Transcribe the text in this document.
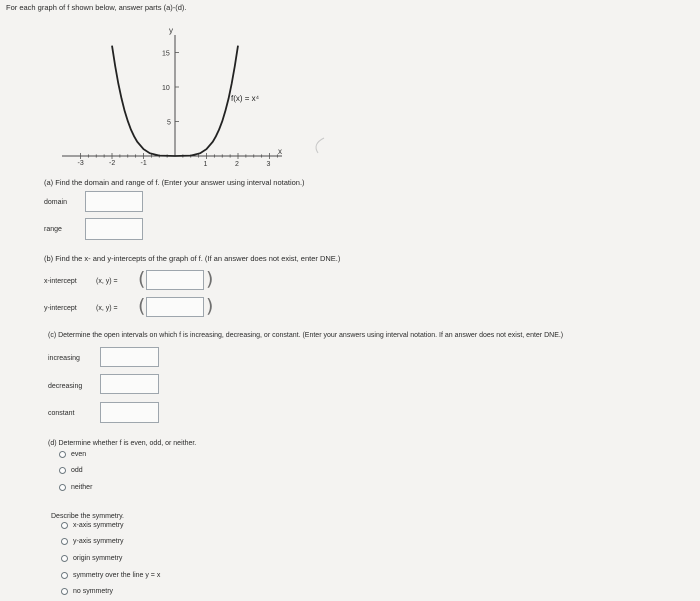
For each graph of f shown below, answer parts (a)-(d).
y
x
f(x) = x⁴
-3	-2	-1	1	2	3
15
10
5
(a) Find the domain and range of f. (Enter your answer using interval notation.)
domain
range
(b) Find the x- and y-intercepts of the graph of f. (If an answer does not exist, enter DNE.)
x-intercept	(x, y) = (	)
y-intercept	(x, y) = (	)
(c) Determine the open intervals on which f is increasing, decreasing, or constant. (Enter your answers using interval notation. If an answer does not exist, enter DNE.)
increasing
decreasing
constant
(d) Determine whether f is even, odd, or neither.
even
odd
neither
Describe the symmetry.
x-axis symmetry
y-axis symmetry
origin symmetry
symmetry over the line y = x
no symmetry
